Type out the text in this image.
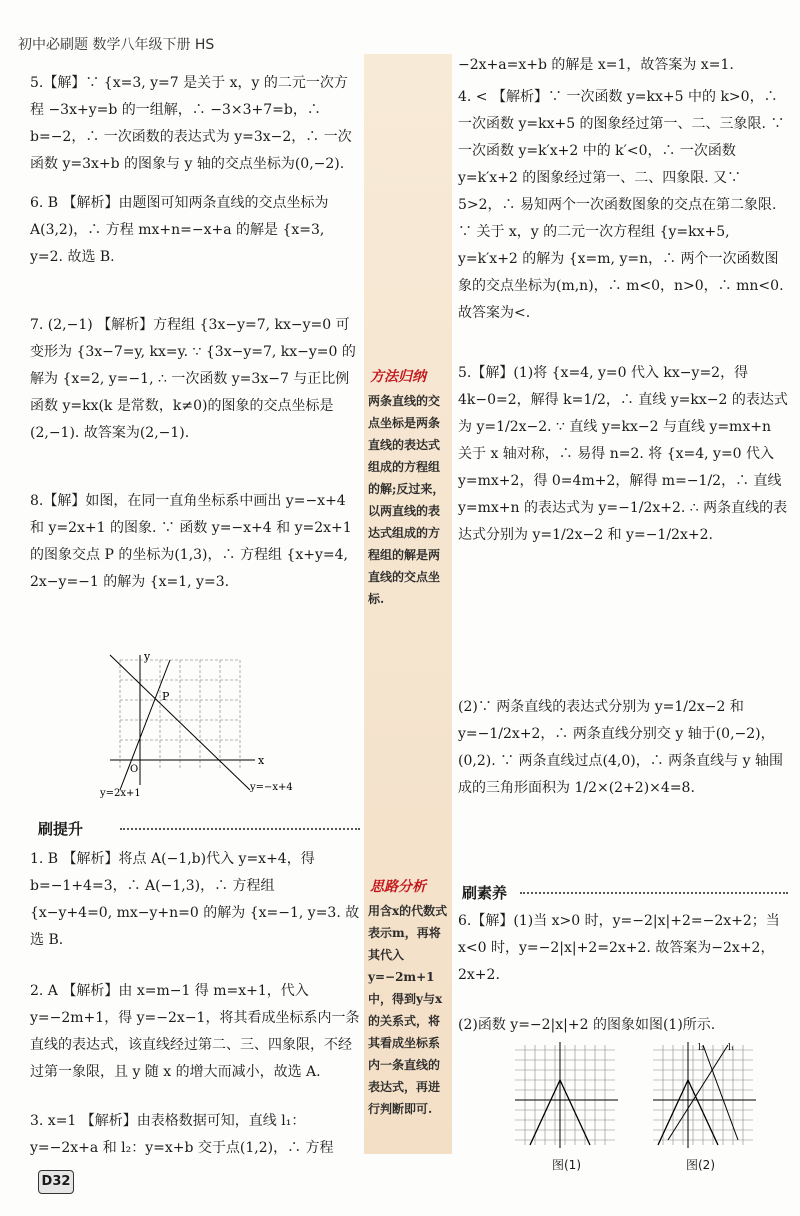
初中必刷题 数学八年级下册 HS
5.【解】∵ {x=3, y=7 是关于 x，y 的二元一次方程 −3x+y=b 的一组解，∴ −3×3+7=b，∴ b=−2，∴ 一次函数的表达式为 y=3x−2，∴ 一次函数 y=3x+b 的图象与 y 轴的交点坐标为(0,−2).
6. B 【解析】由题图可知两条直线的交点坐标为 A(3,2)，∴ 方程 mx+n=−x+a 的解是 {x=3, y=2. 故选 B.
7. (2,−1) 【解析】方程组 {3x−y=7, kx−y=0 可变形为 {3x−7=y, kx=y. ∵ {3x−y=7, kx−y=0 的解为 {x=2, y=−1, ∴ 一次函数 y=3x−7 与正比例函数 y=kx(k 是常数，k≠0)的图象的交点坐标是(2,−1). 故答案为(2,−1).
8.【解】如图，在同一直角坐标系中画出 y=−x+4 和 y=2x+1 的图象. ∵ 函数 y=−x+4 和 y=2x+1 的图象交点 P 的坐标为(1,3)，∴ 方程组 {x+y=4, 2x−y=−1 的解为 {x=1, y=3.
P
x
y
O
y=2x+1
y=−x+4
刷提升
1. B 【解析】将点 A(−1,b)代入 y=x+4，得 b=−1+4=3，∴ A(−1,3)，∴ 方程组 {x−y+4=0, mx−y+n=0 的解为 {x=−1, y=3. 故选 B.
2. A 【解析】由 x=m−1 得 m=x+1，代入 y=−2m+1，得 y=−2x−1，将其看成坐标系内一条直线的表达式，该直线经过第二、三、四象限，不经过第一象限，且 y 随 x 的增大而减小，故选 A.
3. x=1 【解析】由表格数据可知，直线 l₁：y=−2x+a 和 l₂：y=x+b 交于点(1,2)，∴ 方程
方法归纳
两条直线的交点坐标是两条直线的表达式组成的方程组的解;反过来，以两直线的表达式组成的方程组的解是两直线的交点坐标.
思路分析
用含x的代数式表示m，再将其代入y=−2m+1中，得到y与x的关系式，将其看成坐标系内一条直线的表达式，再进行判断即可.
−2x+a=x+b 的解是 x=1，故答案为 x=1.
4. < 【解析】∵ 一次函数 y=kx+5 中的 k>0，∴ 一次函数 y=kx+5 的图象经过第一、二、三象限. ∵ 一次函数 y=k′x+2 中的 k′<0，∴ 一次函数 y=k′x+2 的图象经过第一、二、四象限. 又∵ 5>2，∴ 易知两个一次函数图象的交点在第二象限. ∵ 关于 x，y 的二元一次方程组 {y=kx+5, y=k′x+2 的解为 {x=m, y=n，∴ 两个一次函数图象的交点坐标为(m,n)，∴ m<0，n>0，∴ mn<0. 故答案为<.
5.【解】(1)将 {x=4, y=0 代入 kx−y=2，得 4k−0=2，解得 k=1/2，∴ 直线 y=kx−2 的表达式为 y=1/2x−2. ∵ 直线 y=kx−2 与直线 y=mx+n 关于 x 轴对称，∴ 易得 n=2. 将 {x=4, y=0 代入 y=mx+2，得 0=4m+2，解得 m=−1/2，∴ 直线 y=mx+n 的表达式为 y=−1/2x+2. ∴ 两条直线的表达式分别为 y=1/2x−2 和 y=−1/2x+2.
(2)∵ 两条直线的表达式分别为 y=1/2x−2 和 y=−1/2x+2，∴ 两条直线分别交 y 轴于(0,−2)，(0,2). ∵ 两条直线过点(4,0)，∴ 两条直线与 y 轴围成的三角形面积为 1/2×(2+2)×4=8.
刷素养
6.【解】(1)当 x>0 时，y=−2|x|+2=−2x+2；当 x<0 时，y=−2|x|+2=2x+2. 故答案为−2x+2，2x+2.
(2)函数 y=−2|x|+2 的图象如图(1)所示.
图(1)
l₂	l₁
图(2)
D32
